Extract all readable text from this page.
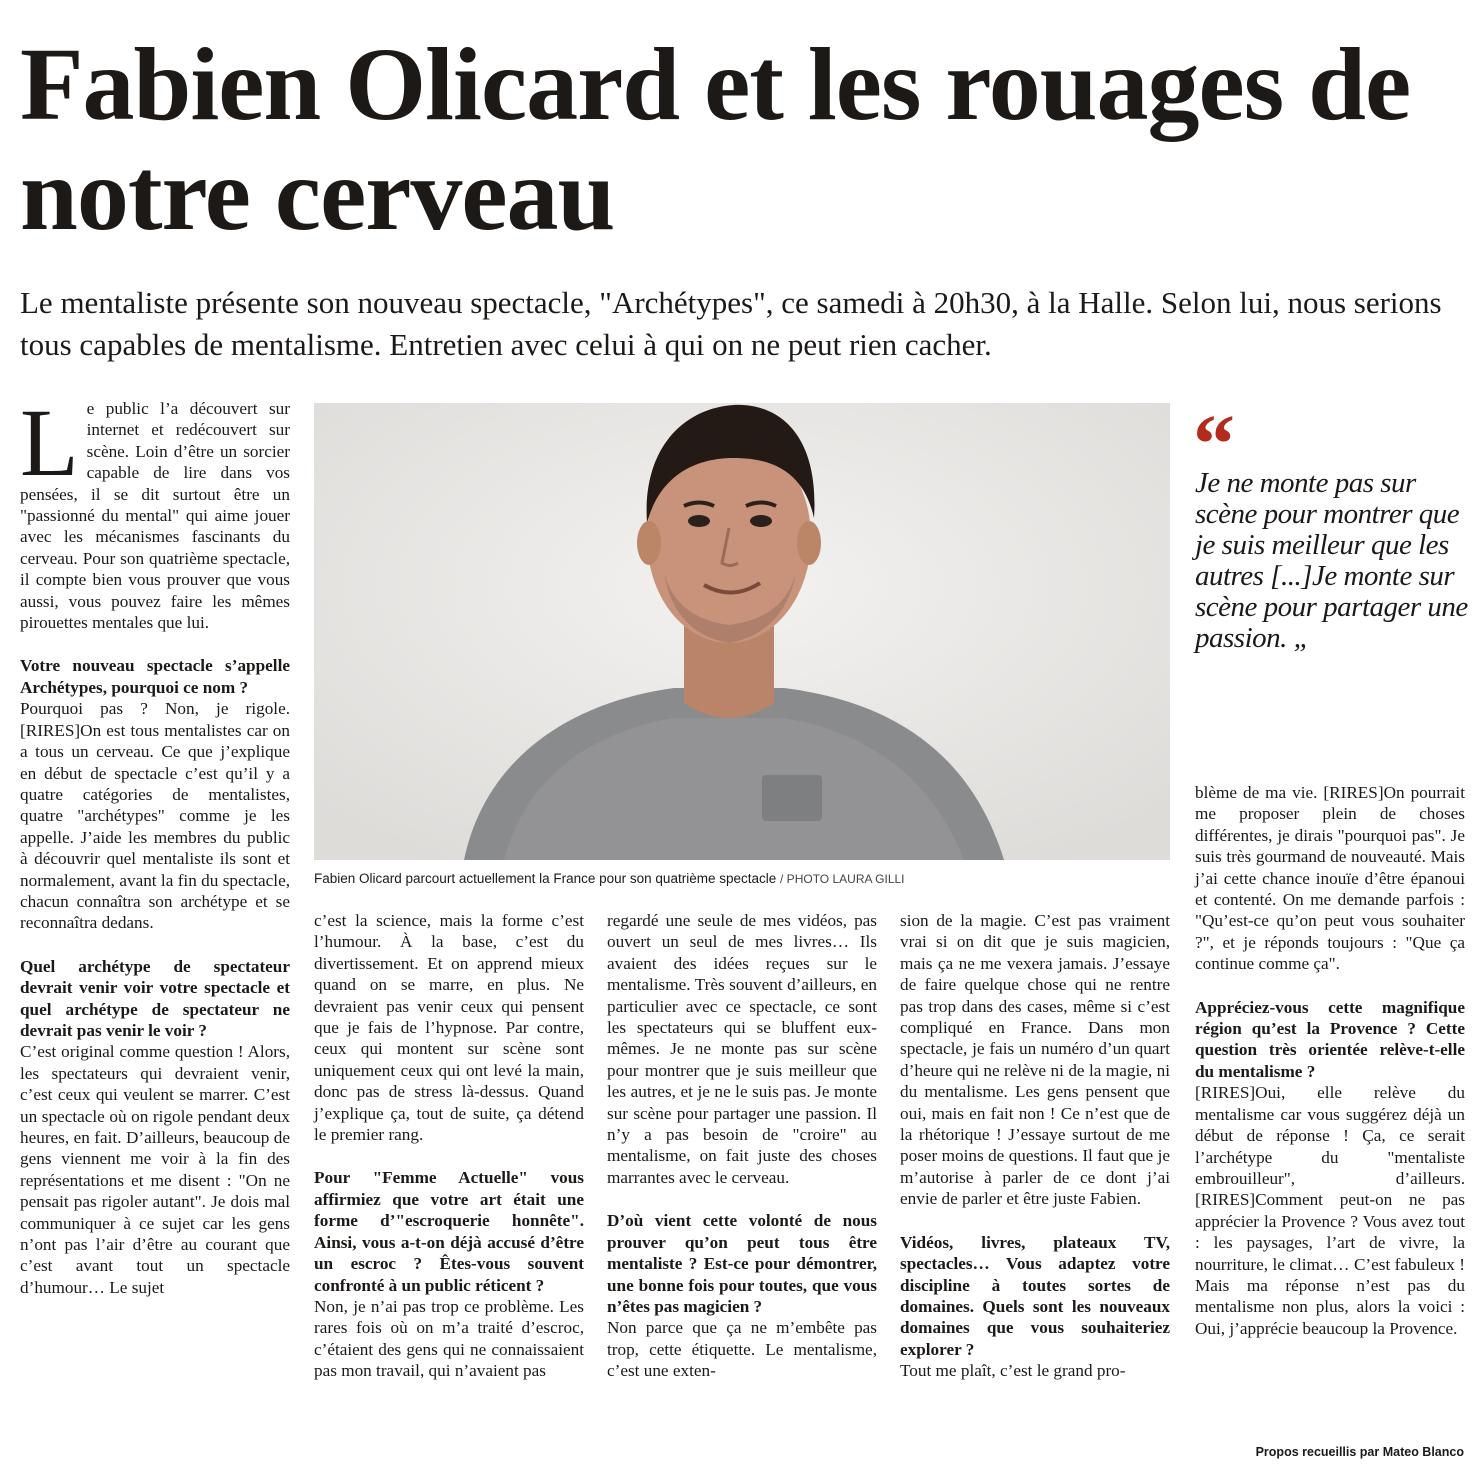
Fabien Olicard et les rouages de notre cerveau

Le mentaliste présente son nouveau spectacle, "Archétypes", ce samedi à 20h30, à la Halle. Selon lui, nous serions tous capables de mentalisme. Entretien avec celui à qui on ne peut rien cacher.

L e public l’a découvert sur internet et redécouvert sur scène. Loin d’être un sorcier capable de lire dans vos pensées, il se dit surtout être un "passionné du mental" qui aime jouer avec les mécanismes fascinants du cerveau. Pour son quatrième spectacle, il compte bien vous prouver que vous aussi, vous pouvez faire les mêmes pirouettes mentales que lui.

Votre nouveau spectacle s’appelle Archétypes, pourquoi ce nom ?

Pourquoi pas ? Non, je rigole. [RIRES]On est tous mentalistes car on a tous un cerveau. Ce que j’explique en début de spectacle c’est qu’il y a quatre catégories de mentalistes, quatre "archétypes" comme je les appelle. J’aide les membres du public à découvrir quel mentaliste ils sont et normalement, avant la fin du spectacle, chacun connaîtra son archétype et se reconnaîtra dedans.

Quel archétype de spectateur devrait venir voir votre spectacle et quel archétype de spectateur ne devrait pas venir le voir ?

C’est original comme question ! Alors, les spectateurs qui devraient venir, c’est ceux qui veulent se marrer. C’est un spectacle où on rigole pendant deux heures, en fait. D’ailleurs, beaucoup de gens viennent me voir à la fin des représentations et me disent : "On ne pensait pas rigoler autant". Je dois mal communiquer à ce sujet car les gens n’ont pas l’air d’être au courant que c’est avant tout un spectacle d’humour… Le sujet

Fabien Olicard parcourt actuellement la France pour son quatrième spectacle / PHOTO LAURA GILLI

c’est la science, mais la forme c’est l’humour. À la base, c’est du divertissement. Et on apprend mieux quand on se marre, en plus. Ne devraient pas venir ceux qui pensent que je fais de l’hypnose. Par contre, ceux qui montent sur scène sont uniquement ceux qui ont levé la main, donc pas de stress là-dessus. Quand j’explique ça, tout de suite, ça détend le premier rang.

Pour "Femme Actuelle" vous affirmiez que votre art était une forme d’"escroquerie honnête". Ainsi, vous a-t-on déjà accusé d’être un escroc ? Êtes-vous souvent confronté à un public réticent ?

Non, je n’ai pas trop ce problème. Les rares fois où on m’a traité d’escroc, c’étaient des gens qui ne connaissaient pas mon travail, qui n’avaient pas

regardé une seule de mes vidéos, pas ouvert un seul de mes livres… Ils avaient des idées reçues sur le mentalisme. Très souvent d’ailleurs, en particulier avec ce spectacle, ce sont les spectateurs qui se bluffent eux-mêmes. Je ne monte pas sur scène pour montrer que je suis meilleur que les autres, et je ne le suis pas. Je monte sur scène pour partager une passion. Il n’y a pas besoin de "croire" au mentalisme, on fait juste des choses marrantes avec le cerveau.

D’où vient cette volonté de nous prouver qu’on peut tous être mentaliste ? Est-ce pour démontrer, une bonne fois pour toutes, que vous n’êtes pas magicien ?

Non parce que ça ne m’embête pas trop, cette étiquette. Le mentalisme, c’est une exten-

sion de la magie. C’est pas vraiment vrai si on dit que je suis magicien, mais ça ne me vexera jamais. J’essaye de faire quelque chose qui ne rentre pas trop dans des cases, même si c’est compliqué en France. Dans mon spectacle, je fais un numéro d’un quart d’heure qui ne relève ni de la magie, ni du mentalisme. Les gens pensent que oui, mais en fait non ! Ce n’est que de la rhétorique ! J’essaye surtout de me poser moins de questions. Il faut que je m’autorise à parler de ce dont j’ai envie de parler et être juste Fabien.

Vidéos, livres, plateaux TV, spectacles… Vous adaptez votre discipline à toutes sortes de domaines. Quels sont les nouveaux domaines que vous souhaiteriez explorer ?

Tout me plaît, c’est le grand pro-

“

Je ne monte pas sur scène pour montrer que je suis meilleur que les autres [...]Je monte sur scène pour partager une passion. „

blème de ma vie. [RIRES]On pourrait me proposer plein de choses différentes, je dirais "pourquoi pas". Je suis très gourmand de nouveauté. Mais j’ai cette chance inouïe d’être épanoui et contenté. On me demande parfois : "Qu’est-ce qu’on peut vous souhaiter ?", et je réponds toujours : "Que ça continue comme ça".

Appréciez-vous cette magnifique région qu’est la Provence ? Cette question très orientée relève-t-elle du mentalisme ?

[RIRES]Oui, elle relève du mentalisme car vous suggérez déjà un début de réponse ! Ça, ce serait l’archétype du "mentaliste embrouilleur", d’ailleurs. [RIRES]Comment peut-on ne pas apprécier la Provence ? Vous avez tout : les paysages, l’art de vivre, la nourriture, le climat… C’est fabuleux ! Mais ma réponse n’est pas du mentalisme non plus, alors la voici : Oui, j’apprécie beaucoup la Provence.

Propos recueillis par Mateo Blanco
